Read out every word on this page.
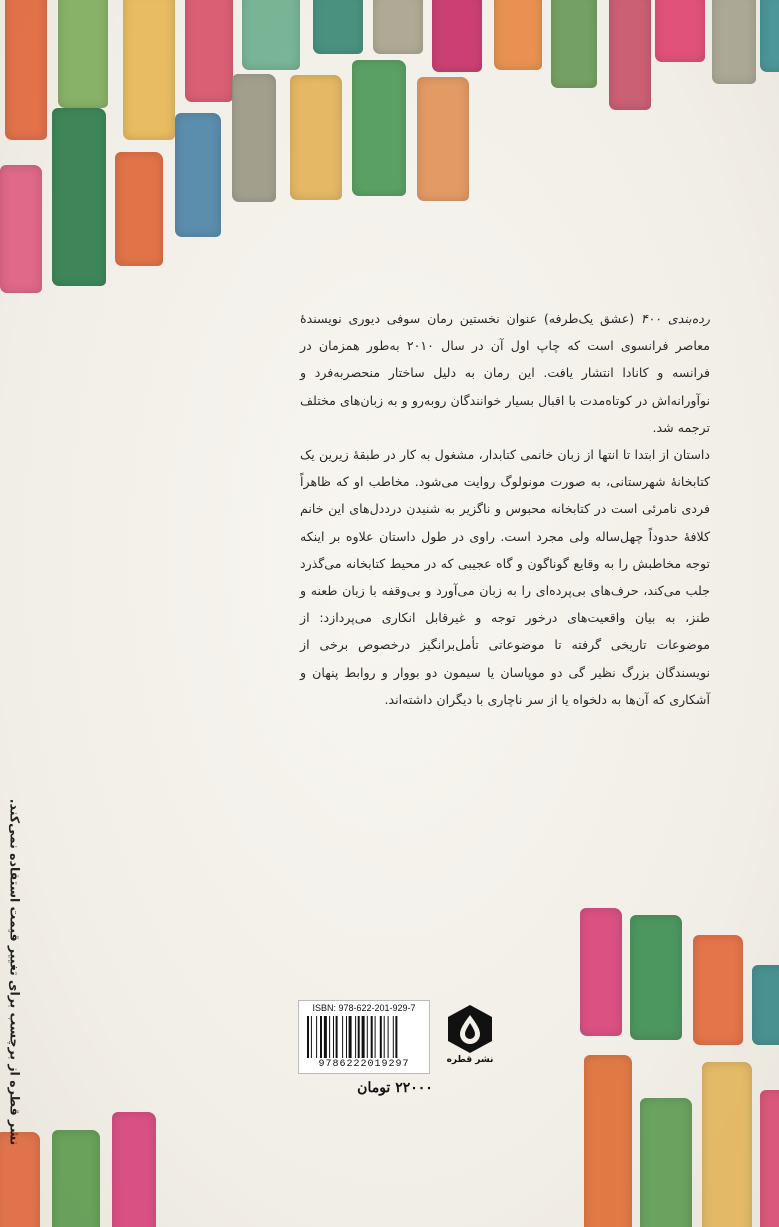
ردەبندی ۴۰۰ (عشق یک‌طرفه) عنوان نخستین رمان سوفی دیوری نویسندهٔ معاصر فرانسوی است که چاپ اول آن در سال ۲۰۱۰ به‌طور همزمان در فرانسه و کانادا انتشار یافت. این رمان به دلیل ساختار منحصربه‌فرد و نوآورانه‌اش در کوتاه‌مدت با اقبال بسیار خوانندگان روبه‌رو و به زبان‌های مختلف ترجمه شد.

داستان از ابتدا تا انتها از زبان خانمی کتابدار، مشغول به کار در طبقهٔ زیرین یک کتابخانهٔ شهرستانی، به صورت مونولوگ روایت می‌شود. مخاطب او که ظاهراً فردی نامرئی است در کتابخانه محبوس و ناگزیر به شنیدن درددل‌های این خانم کلافهٔ حدوداً چهل‌ساله ولی مجرد است. راوی در طول داستان علاوه بر اینکه توجه مخاطبش را به وقایع گوناگون و گاه عجیبی که در محیط کتابخانه می‌گذرد جلب می‌کند، حرف‌های بی‌پرده‌ای را به زبان می‌آورد و بی‌وقفه با زبان طعنه و طنز، به بیان واقعیت‌های درخور توجه و غیرقابل انکاری می‌پردازد: از موضوعات تاریخی گرفته تا موضوعاتی تأمل‌برانگیز درخصوص برخی از نویسندگان بزرگ نظیر گی دو موپاسان یا سیمون دو بووار و روابط پنهان و آشکاری که آن‌ها به دلخواه یا از سر ناچاری با دیگران داشته‌اند.

نشر قطره از برچسب برای تغییر قیمت استفاده نمی‌کند.	ISBN: 978-622-201-929-7
9786222019297	نشر قطره
۲۲۰۰۰ تومان
